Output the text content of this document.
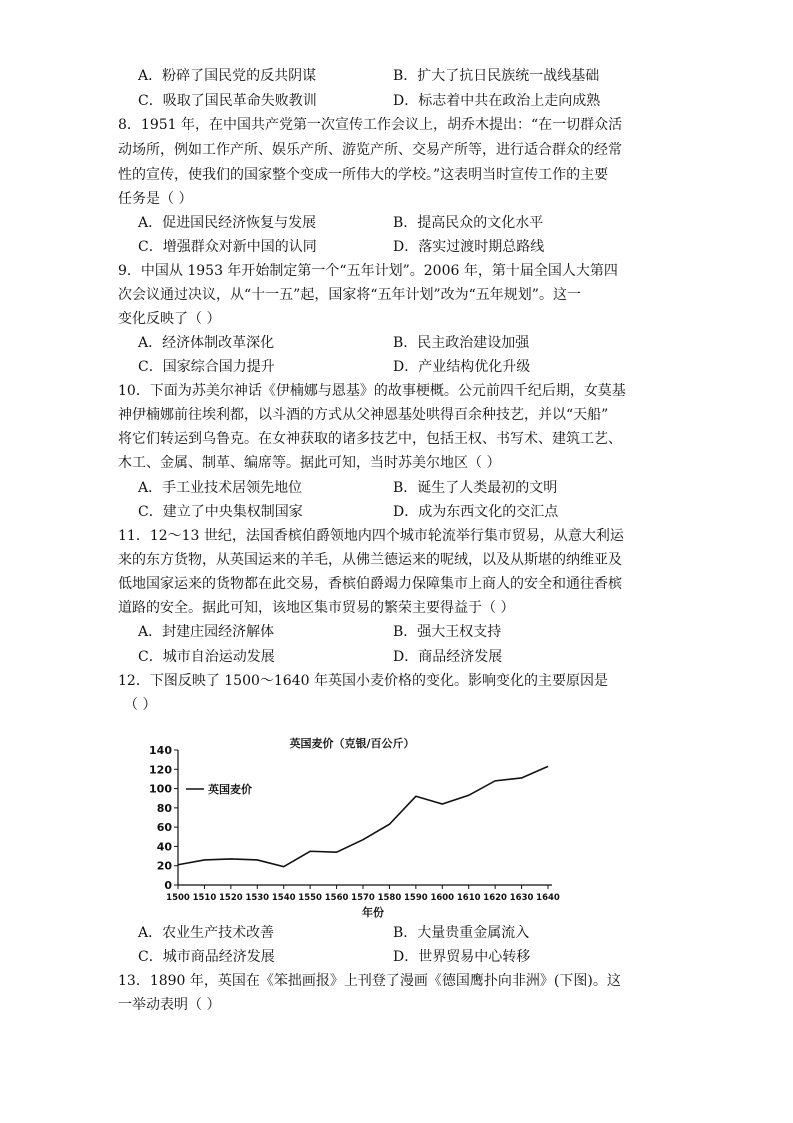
A．粉碎了国民党的反共阴谋	B．扩大了抗日民族统一战线基础
C．吸取了国民革命失败教训	D．标志着中共在政治上走向成熟
8．1951 年，在中国共产党第一次宣传工作会议上，胡乔木提出：“在一切群众活
动场所，例如工作产所、娱乐产所、游览产所、交易产所等，进行适合群众的经常
性的宣传，使我们的国家整个变成一所伟大的学校。”这表明当时宣传工作的主要
任务是（ ）
A．促进国民经济恢复与发展	B．提高民众的文化水平
C．增强群众对新中国的认同	D．落实过渡时期总路线
9．中国从 1953 年开始制定第一个“五年计划”。2006 年，第十届全国人大第四
次会议通过决议，从“十一五”起，国家将“五年计划”改为“五年规划”。这一
变化反映了（ ）
A．经济体制改革深化	B．民主政治建设加强
C．国家综合国力提升	D．产业结构优化升级
10．下面为苏美尔神话《伊楠娜与恩基》的故事梗概。公元前四千纪后期，女莫基
神伊楠娜前往埃利都，以斗酒的方式从父神恩基处哄得百余种技艺，并以“天船”
将它们转运到乌鲁克。在女神获取的诸多技艺中，包括王权、书写术、建筑工艺、
木工、金属、制革、编席等。据此可知，当时苏美尔地区（ ）
A．手工业技术居领先地位	B．诞生了人类最初的文明
C．建立了中央集权制国家	D．成为东西文化的交汇点
11．12～13 世纪，法国香槟伯爵领地内四个城市轮流举行集市贸易，从意大利运
来的东方货物，从英国运来的羊毛，从佛兰德运来的呢绒，以及从斯堪的纳维亚及
低地国家运来的货物都在此交易，香槟伯爵竭力保障集市上商人的安全和通往香槟
道路的安全。据此可知，该地区集市贸易的繁荣主要得益于（ ）
A．封建庄园经济解体	B．强大王权支持
C．城市自治运动发展	D．商品经济发展
12．下图反映了 1500～1640 年英国小麦价格的变化。影响变化的主要原因是
（ ）
英国麦价（克银/百公斤）
0
20
40
60
80
100
120
140
1500 1510 1520 1530 1540 1550 1560 1570 1580 1590 1600 1610 1620 1630 1640
英国麦价
年份
A．农业生产技术改善	B．大量贵重金属流入
C．城市商品经济发展	D．世界贸易中心转移
13．1890 年，英国在《笨拙画报》上刊登了漫画《德国鹰扑向非洲》(下图)。这
一举动表明（ ）
